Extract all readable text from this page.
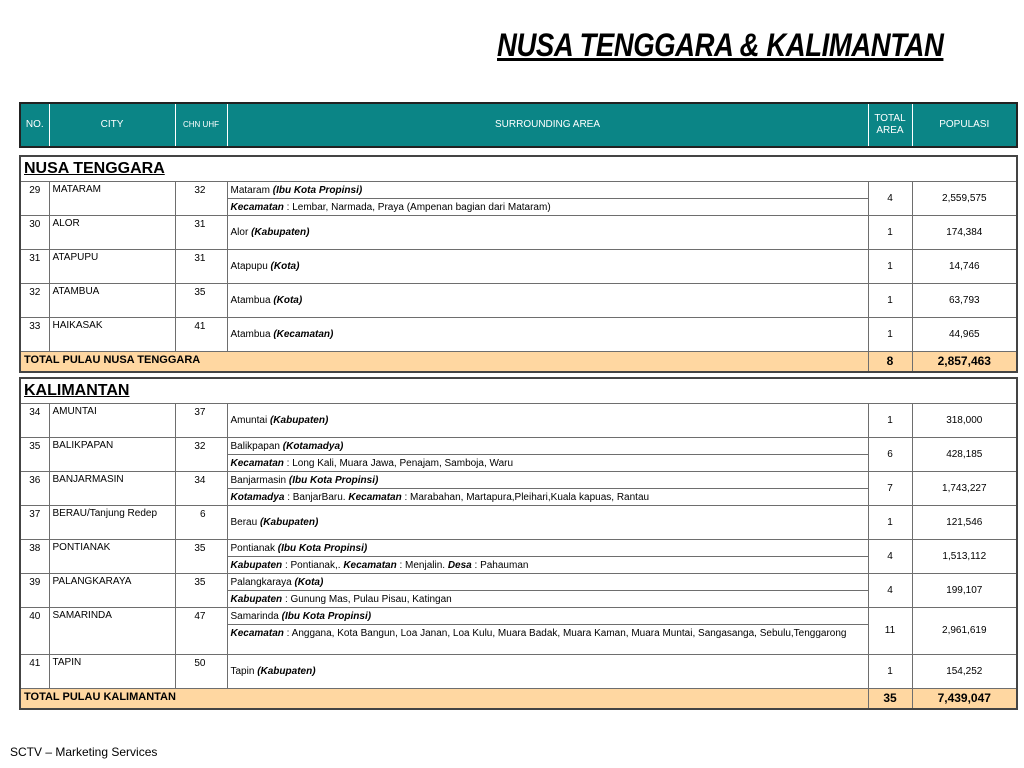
NUSA TENGGARA & KALIMANTAN
NO.	CITY	CHN UHF	SURROUNDING AREA	TOTAL AREA	POPULASI
NUSA TENGGARA					
29	MATARAM	32	Mataram (Ibu Kota Propinsi)
Kecamatan : Lembar, Narmada, Praya (Ampenan bagian dari Mataram)	4	2,559,575
30	ALOR	31	Alor (Kabupaten)	1	174,384
31	ATAPUPU	31	Atapupu (Kota)	1	14,746
32	ATAMBUA	35	Atambua (Kota)	1	63,793
33	HAIKASAK	41	Atambua (Kecamatan)	1	44,965
TOTAL PULAU NUSA TENGGARA				8	2,857,463
KALIMANTAN					
34	AMUNTAI	37	Amuntai (Kabupaten)	1	318,000
35	BALIKPAPAN	32	Balikpapan (Kotamadya)
Kecamatan : Long Kali, Muara Jawa, Penajam, Samboja, Waru	6	428,185
36	BANJARMASIN	34	Banjarmasin (Ibu Kota Propinsi)
Kotamadya : BanjarBaru. Kecamatan : Marabahan, Martapura,Pleihari,Kuala kapuas, Rantau	7	1,743,227
37	BERAU/Tanjung Redep	6	Berau (Kabupaten)	1	121,546
38	PONTIANAK	35	Pontianak (Ibu Kota Propinsi)
Kabupaten : Pontianak,. Kecamatan : Menjalin. Desa : Pahauman	4	1,513,112
39	PALANGKARAYA	35	Palangkaraya (Kota)
Kabupaten : Gunung Mas, Pulau Pisau, Katingan	4	199,107
40	SAMARINDA	47	Samarinda (Ibu Kota Propinsi)
Kecamatan : Anggana, Kota Bangun, Loa Janan, Loa Kulu, Muara Badak, Muara Kaman, Muara Muntai, Sangasanga, Sebulu,Tenggarong	11	2,961,619
41	TAPIN	50	Tapin (Kabupaten)	1	154,252
TOTAL PULAU KALIMANTAN				35	7,439,047
SCTV – Marketing Services
